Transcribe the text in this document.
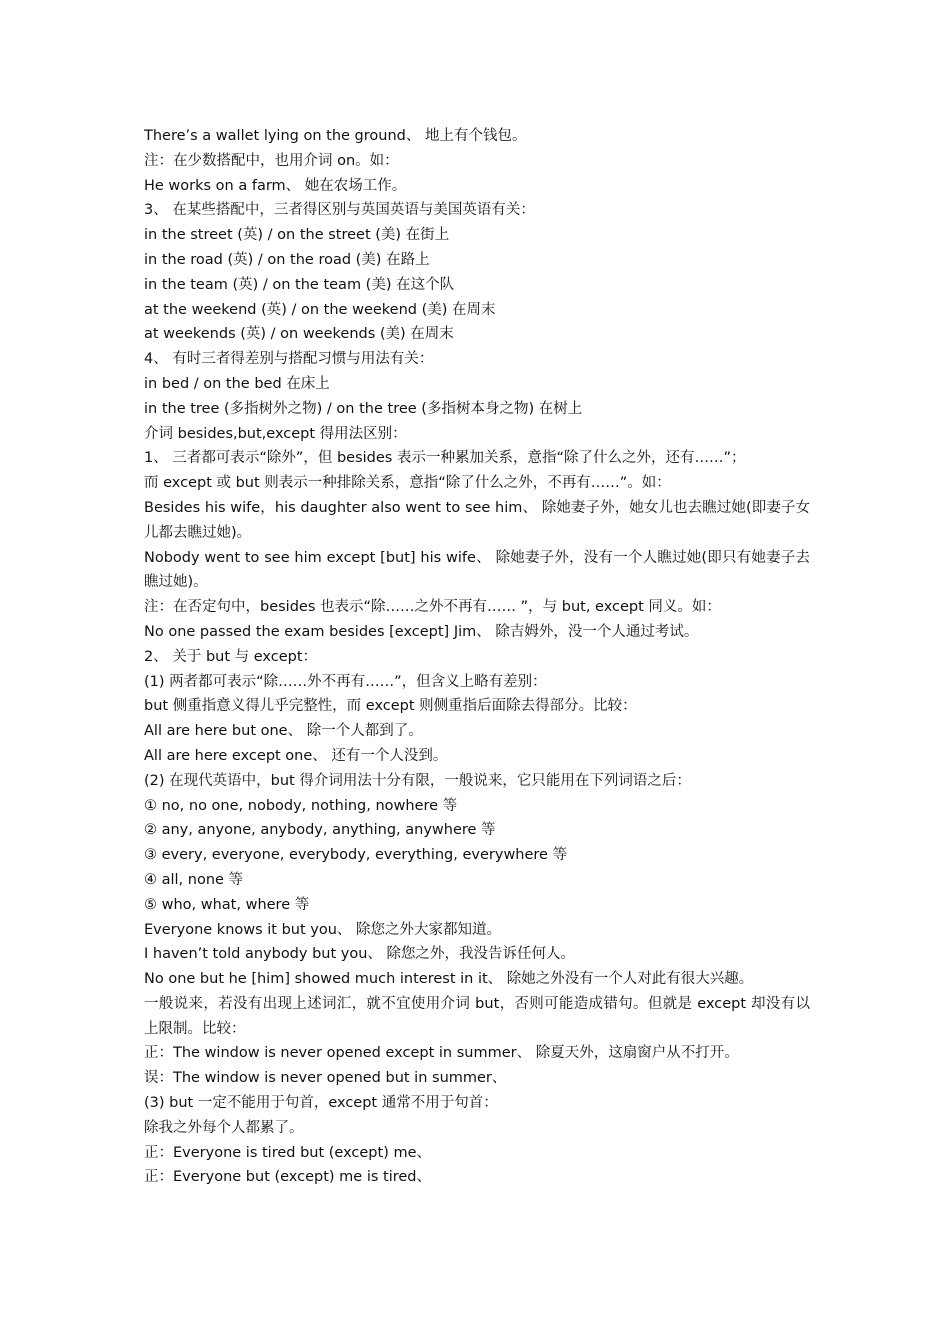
There’s a wallet lying on the ground、 地上有个钱包。
注：在少数搭配中，也用介词 on。如：
He works on a farm、 她在农场工作。
3、 在某些搭配中，三者得区别与英国英语与美国英语有关：
in the street (英) / on the street (美) 在街上
in the road (英) / on the road (美) 在路上
in the team (英) / on the team (美) 在这个队
at the weekend (英) / on the weekend (美) 在周末
at weekends (英) / on weekends (美) 在周末
4、 有时三者得差别与搭配习惯与用法有关：
in bed / on the bed 在床上
in the tree (多指树外之物) / on the tree (多指树本身之物) 在树上
介词 besides,but,except 得用法区别：
1、 三者都可表示“除外”，但 besides 表示一种累加关系，意指“除了什么之外，还有……”；
而 except 或 but 则表示一种排除关系，意指“除了什么之外，不再有……”。如：
Besides his wife，his daughter also went to see him、 除她妻子外，她女儿也去瞧过她(即妻子女儿都去瞧过她)。
Nobody went to see him except [but] his wife、 除她妻子外，没有一个人瞧过她(即只有她妻子去瞧过她)。
注：在否定句中，besides 也表示“除……之外不再有…… ”，与 but, except 同义。如：
No one passed the exam besides [except] Jim、 除吉姆外，没一个人通过考试。
2、 关于 but 与 except：
(1) 两者都可表示“除……外不再有……”，但含义上略有差别：
but 侧重指意义得儿乎完整性，而 except 则侧重指后面除去得部分。比较：
All are here but one、 除一个人都到了。
All are here except one、 还有一个人没到。
(2) 在现代英语中，but 得介词用法十分有限，一般说来，它只能用在下列词语之后：
① no, no one, nobody, nothing, nowhere 等
② any, anyone, anybody, anything, anywhere 等
③ every, everyone, everybody, everything, everywhere 等
④ all, none 等
⑤ who, what, where 等
Everyone knows it but you、 除您之外大家都知道。
I haven’t told anybody but you、 除您之外，我没告诉任何人。
No one but he [him] showed much interest in it、 除她之外没有一个人对此有很大兴趣。
一般说来，若没有出现上述词汇，就不宜使用介词 but，否则可能造成错句。但就是 except 却没有以上限制。比较：
正：The window is never opened except in summer、 除夏天外，这扇窗户从不打开。
误：The window is never opened but in summer、
(3) but 一定不能用于句首，except 通常不用于句首：
除我之外每个人都累了。
正：Everyone is tired but (except) me、
正：Everyone but (except) me is tired、
